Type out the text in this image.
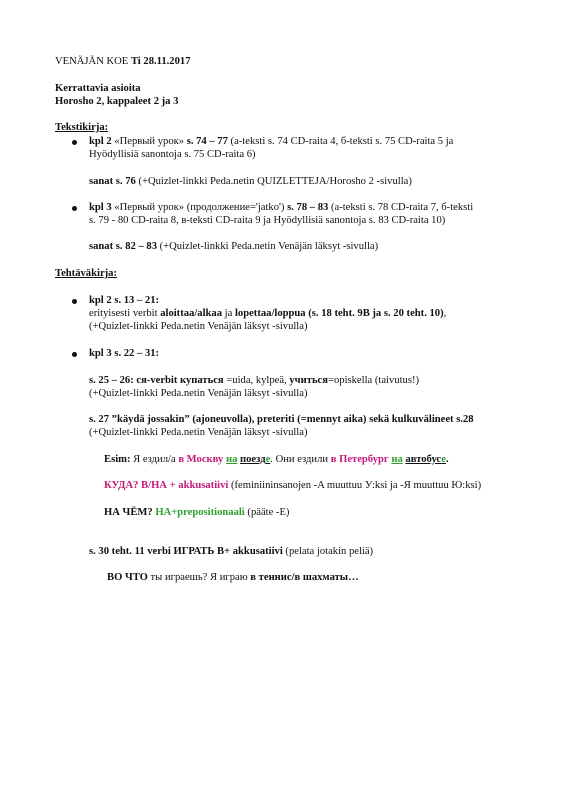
VENÄJÄN KOE Ti 28.11.2017
Kerrattavia asioita
Horosho 2, kappaleet 2 ja 3
Tekstikirja:
kpl 2 «Первый урок» s. 74 – 77 (a-teksti s. 74 CD-raita 4, б-teksti s. 75 CD-raita 5 ja
Hyödyllisiä sanontoja s. 75 CD-raita 6)
sanat s. 76 (+Quizlet-linkki Peda.netin QUIZLETTEJA/Horosho 2 -sivulla)
kpl 3 «Первый урок» (продолжение='jatko') s. 78 – 83 (a-teksti s. 78 CD-raita 7, б-teksti
s. 79 - 80 CD-raita 8, в-teksti CD-raita 9 ja Hyödyllisiä sanontoja s. 83 CD-raita 10)
sanat s. 82 – 83 (+Quizlet-linkki Peda.netin Venäjän läksyt -sivulla)
Tehtäväkirja:
kpl 2 s. 13 – 21:
erityisesti verbit aloittaa/alkaa ja lopettaa/loppua (s. 18 teht. 9B ja s. 20 teht. 10),
(+Quizlet-linkki Peda.netin Venäjän läksyt -sivulla)
kpl 3 s. 22 – 31:
s. 25 – 26: ся-verbit купаться =uida, kylpeä, учиться=opiskella (taivutus!)
(+Quizlet-linkki Peda.netin Venäjän läksyt -sivulla)
s. 27 ”käydä jossakin” (ajoneuvolla), preteriti (=mennyt aika) sekä kulkuvälineet s.28
(+Quizlet-linkki Peda.netin Venäjän läksyt -sivulla)
Esim: Я ездил/а в Москву на поезде. Они ездили в Петербург на автобусе.
КУДА? В/НА + akkusatiivi (feminiininsanojen -A muuttuu У:ksi ja -Я muuttuu Ю:ksi)
НА ЧЁМ? НА+prepositionaali (pääte -E)
s. 30 teht. 11 verbi ИГРАТЬ В+ akkusatiivi (pelata jotakin peliä)
ВО ЧТО ты играешь? Я играю в теннис/в шахматы…
